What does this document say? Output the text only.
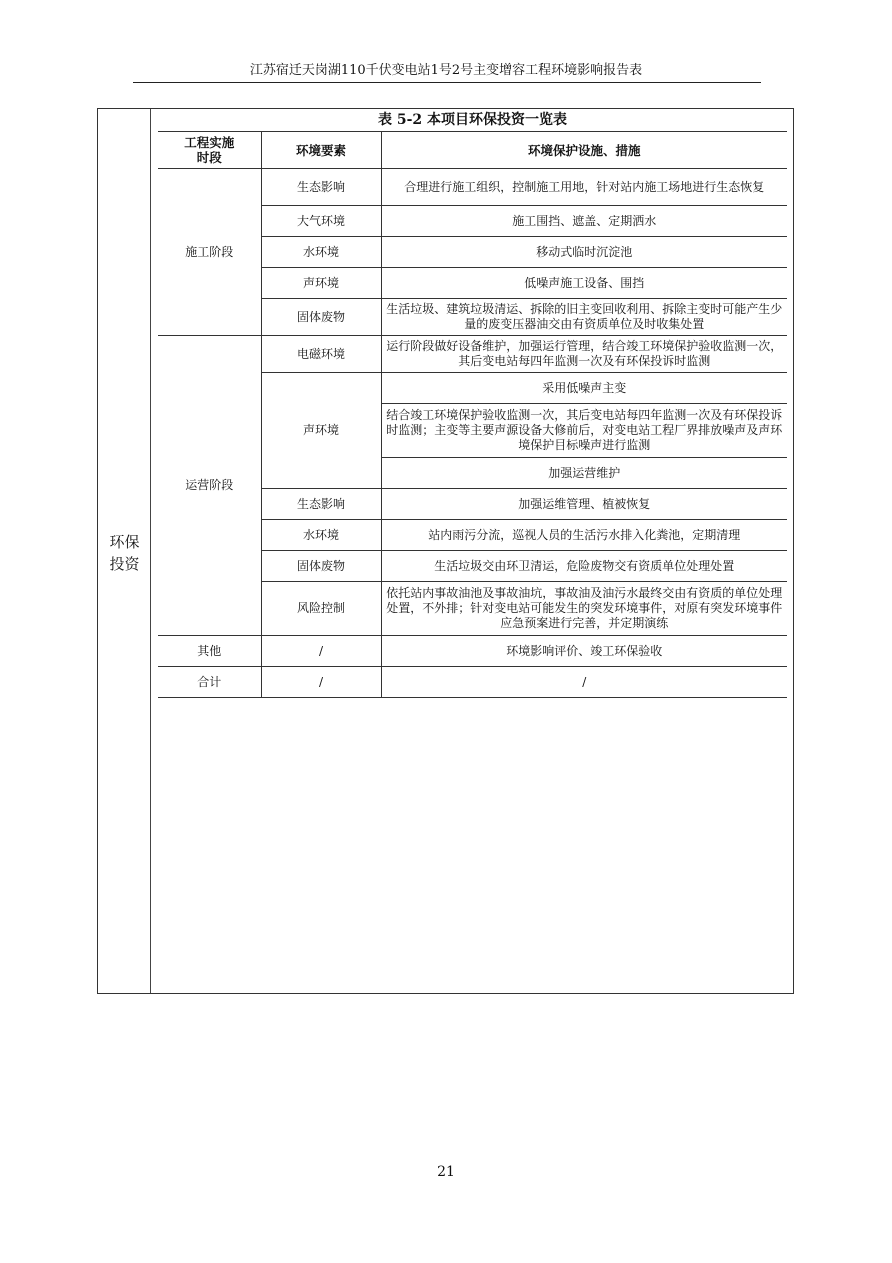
江苏宿迁天岗湖110千伏变电站1号2号主变增容工程环境影响报告表
环保
投资
表 5-2 本项目环保投资一览表
工程实施
时段	环境要素	环境保护设施、措施
施工阶段	生态影响	合理进行施工组织，控制施工用地，针对站内施工场地进行生态恢复
	大气环境	施工围挡、遮盖、定期洒水
	水环境	移动式临时沉淀池
	声环境	低噪声施工设备、围挡
	固体废物	生活垃圾、建筑垃圾清运、拆除的旧主变回收利用、拆除主变时可能产生少量的废变压器油交由有资质单位及时收集处置
运营阶段	电磁环境	运行阶段做好设备维护，加强运行管理，结合竣工环境保护验收监测一次，其后变电站每四年监测一次及有环保投诉时监测
	声环境	采用低噪声主变
		结合竣工环境保护验收监测一次，其后变电站每四年监测一次及有环保投诉时监测；主变等主要声源设备大修前后，对变电站工程厂界排放噪声及声环境保护目标噪声进行监测
		加强运营维护
	生态影响	加强运维管理、植被恢复
	水环境	站内雨污分流，巡视人员的生活污水排入化粪池，定期清理
	固体废物	生活垃圾交由环卫清运，危险废物交有资质单位处理处置
	风险控制	依托站内事故油池及事故油坑，事故油及油污水最终交由有资质的单位处理处置，不外排；针对变电站可能发生的突发环境事件，对原有突发环境事件应急预案进行完善，并定期演练
其他	/	环境影响评价、竣工环保验收
合计	/	/
21
